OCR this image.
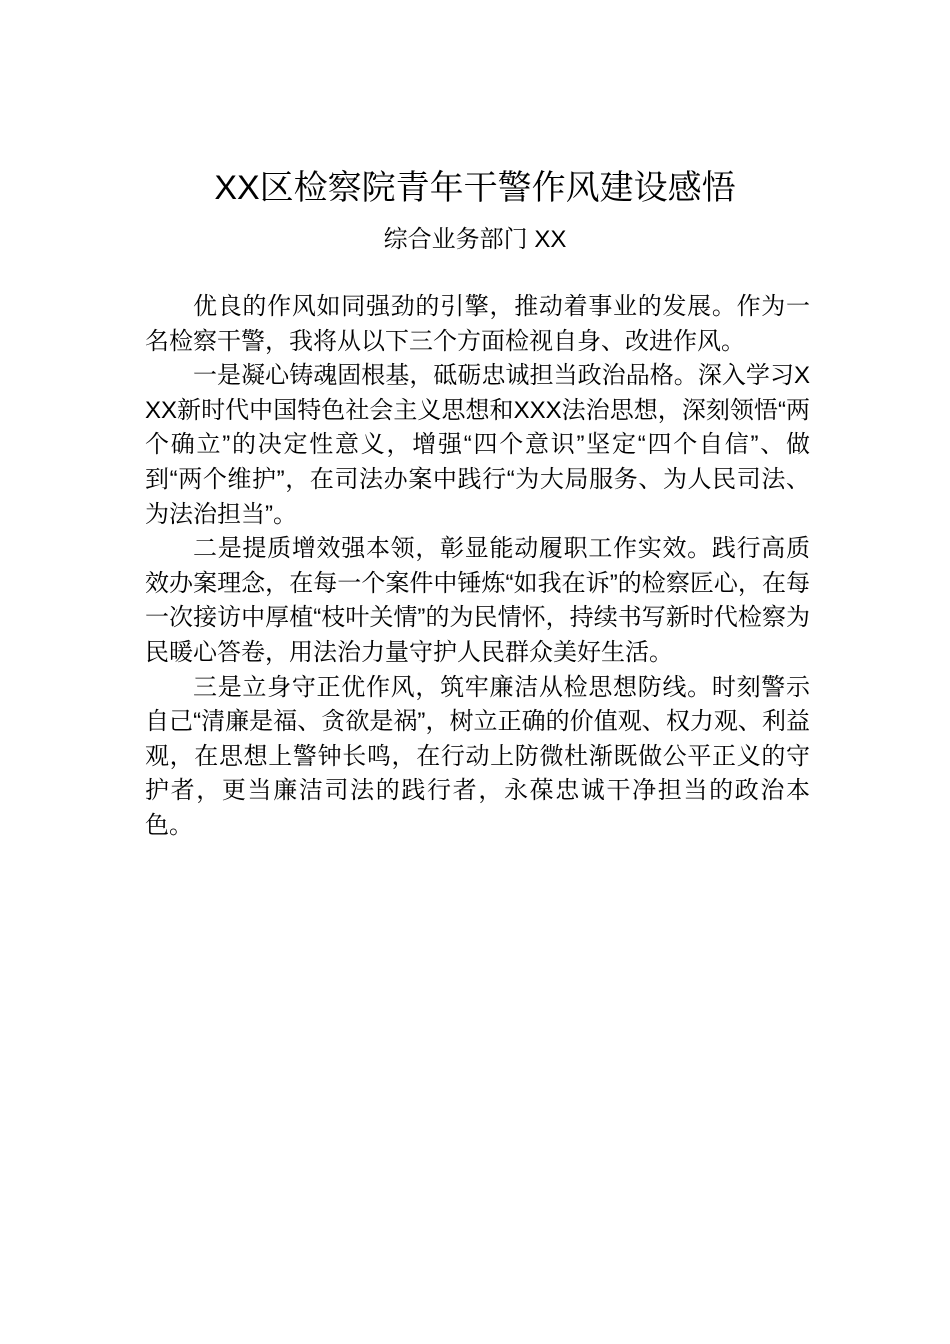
XX区检察院青年干警作风建设感悟
综合业务部门 XX

优良的作风如同强劲的引擎，推动着事业的发展。作为一名检察干警，我将从以下三个方面检视自身、改进作风。

一是凝心铸魂固根基，砥砺忠诚担当政治品格。深入学习XXX新时代中国特色社会主义思想和XXX法治思想，深刻领悟“两个确立”的决定性意义，增强“四个意识”坚定“四个自信”、做到“两个维护”，在司法办案中践行“为大局服务、为人民司法、为法治担当”。

二是提质增效强本领，彰显能动履职工作实效。践行高质效办案理念，在每一个案件中锤炼“如我在诉”的检察匠心，在每一次接访中厚植“枝叶关情”的为民情怀，持续书写新时代检察为民暖心答卷，用法治力量守护人民群众美好生活。

三是立身守正优作风，筑牢廉洁从检思想防线。时刻警示自己“清廉是福、贪欲是祸”，树立正确的价值观、权力观、利益观，在思想上警钟长鸣，在行动上防微杜渐既做公平正义的守护者，更当廉洁司法的践行者，永葆忠诚干净担当的政治本色。
